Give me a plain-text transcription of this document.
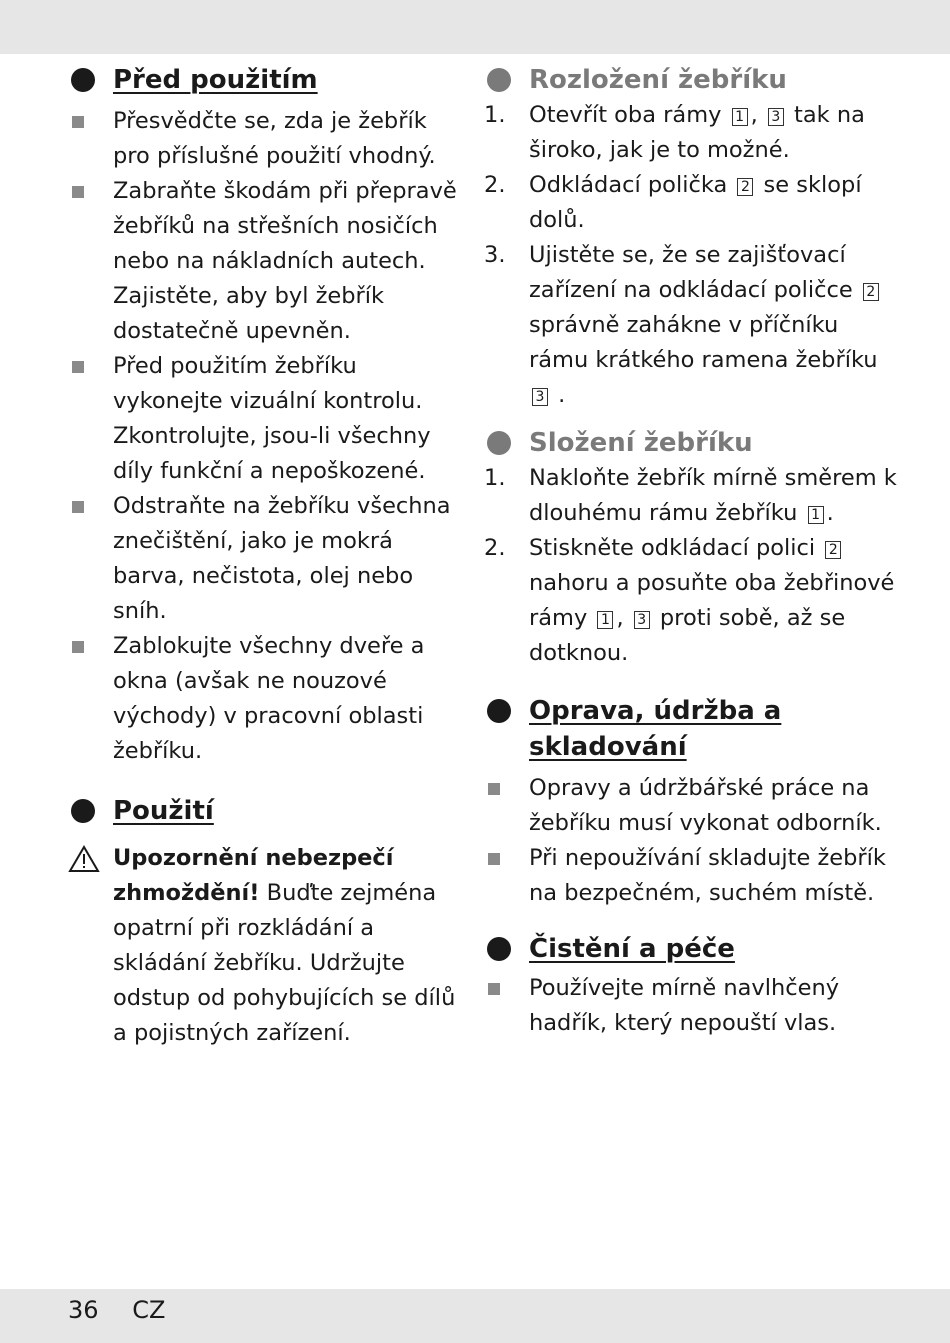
Před použitím
Přesvědčte se, zda je žebřík pro příslušné použití vhodný.
Zabraňte škodám při přepravě žebříků na střešních nosičích nebo na nákladních autech. Zajistěte, aby byl žebřík dostatečně upevněn.
Před použitím žebříku vykonejte vizuální kontrolu. Zkontrolujte, jsou-li všechny díly funkční a nepoškozené.
Odstraňte na žebříku všechna znečištění, jako je mokrá barva, nečistota, olej nebo sníh.
Zablokujte všechny dveře a okna (avšak ne nouzové východy) v pracovní oblasti žebříku.
Použití
Upozornění nebezpečí zhmoždění! Buďte zejména opatrní při rozkládání a skládání žebříku. Udržujte odstup od pohybujících se dílů a pojistných zařízení.
Rozložení žebříku
1. Otevřít oba rámy 1 , 3 tak na široko, jak je to možné.
2. Odkládací polička 2 se sklopí dolů.
3. Ujistěte se, že se zajišťovací zařízení na odkládací poličce 2 správně zahákne v příčníku rámu krátkého ramena žebříku 3 .
Složení žebříku
1. Nakloňte žebřík mírně směrem k dlouhému rámu žebříku 1 .
2. Stiskněte odkládací polici 2 nahoru a posuňte oba žebřinové rámy 1 , 3 proti sobě, až se dotknou.
Oprava, údržba a skladování
Opravy a údržbářské práce na žebříku musí vykonat odborník.
Při nepoužívání skladujte žebřík na bezpečném, suchém místě.
Čistění a péče
Používejte mírně navlhčený hadřík, který nepouští vlas.
36 CZ
